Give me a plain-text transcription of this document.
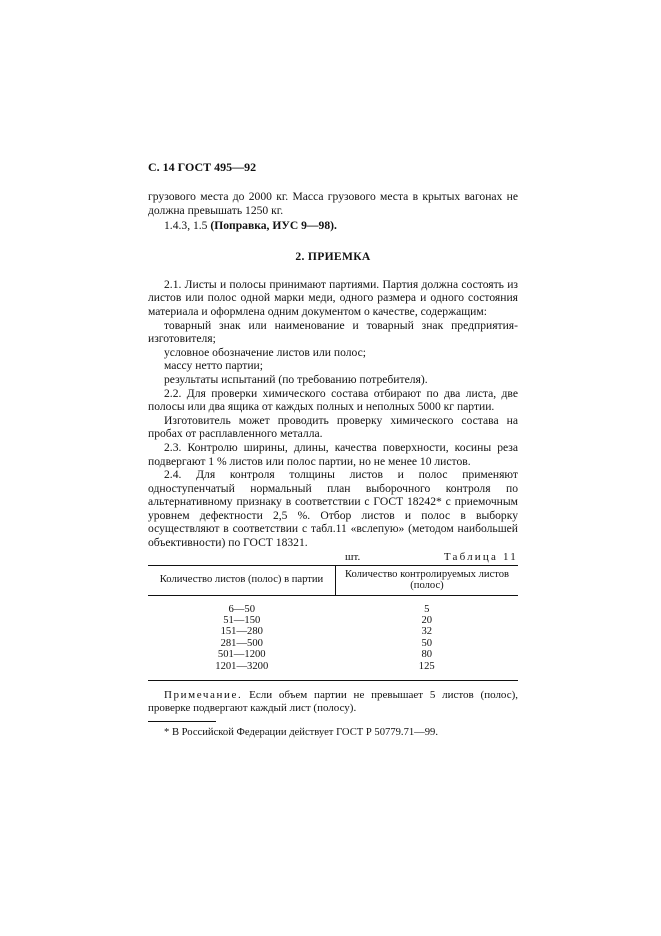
С. 14 ГОСТ 495—92

грузового места до 2000 кг. Масса грузового места в крытых вагонах не должна превышать 1250 кг.

1.4.3, 1.5 (Поправка, ИУС 9—98).

2. ПРИЕМКА

2.1. Листы и полосы принимают партиями. Партия должна состоять из листов или полос одной марки меди, одного размера и одного состояния материала и оформлена одним документом о качестве, содержащим:

товарный знак или наименование и товарный знак предприятия-изготовителя;
условное обозначение листов или полос;
массу нетто партии;
результаты испытаний (по требованию потребителя).

2.2. Для проверки химического состава отбирают по два листа, две полосы или два ящика от каждых полных и неполных 5000 кг партии.

Изготовитель может проводить проверку химического состава на пробах от расплавленного металла.

2.3. Контролю ширины, длины, качества поверхности, косины реза подвергают 1 % листов или полос партии, но не менее 10 листов.

2.4. Для контроля толщины листов и полос применяют одноступенчатый нормальный план выборочного контроля по альтернативному признаку в соответствии с ГОСТ 18242* с приемочным уровнем дефектности 2,5 %. Отбор листов и полос в выборку осуществляют в соответствии с табл.11 «вслепую» (методом наибольшей объективности) по ГОСТ 18321.

шт.	Таблица 11
Количество листов (полос) в партии	Количество контролируемых листов (полос)
6—50	5
51—150	20
151—280	32
281—500	50
501—1200	80
1201—3200	125
Примечание. Если объем партии не превышает 5 листов (полос), проверке подвергают каждый лист (полосу).
* В Российской Федерации действует ГОСТ Р 50779.71—99.
